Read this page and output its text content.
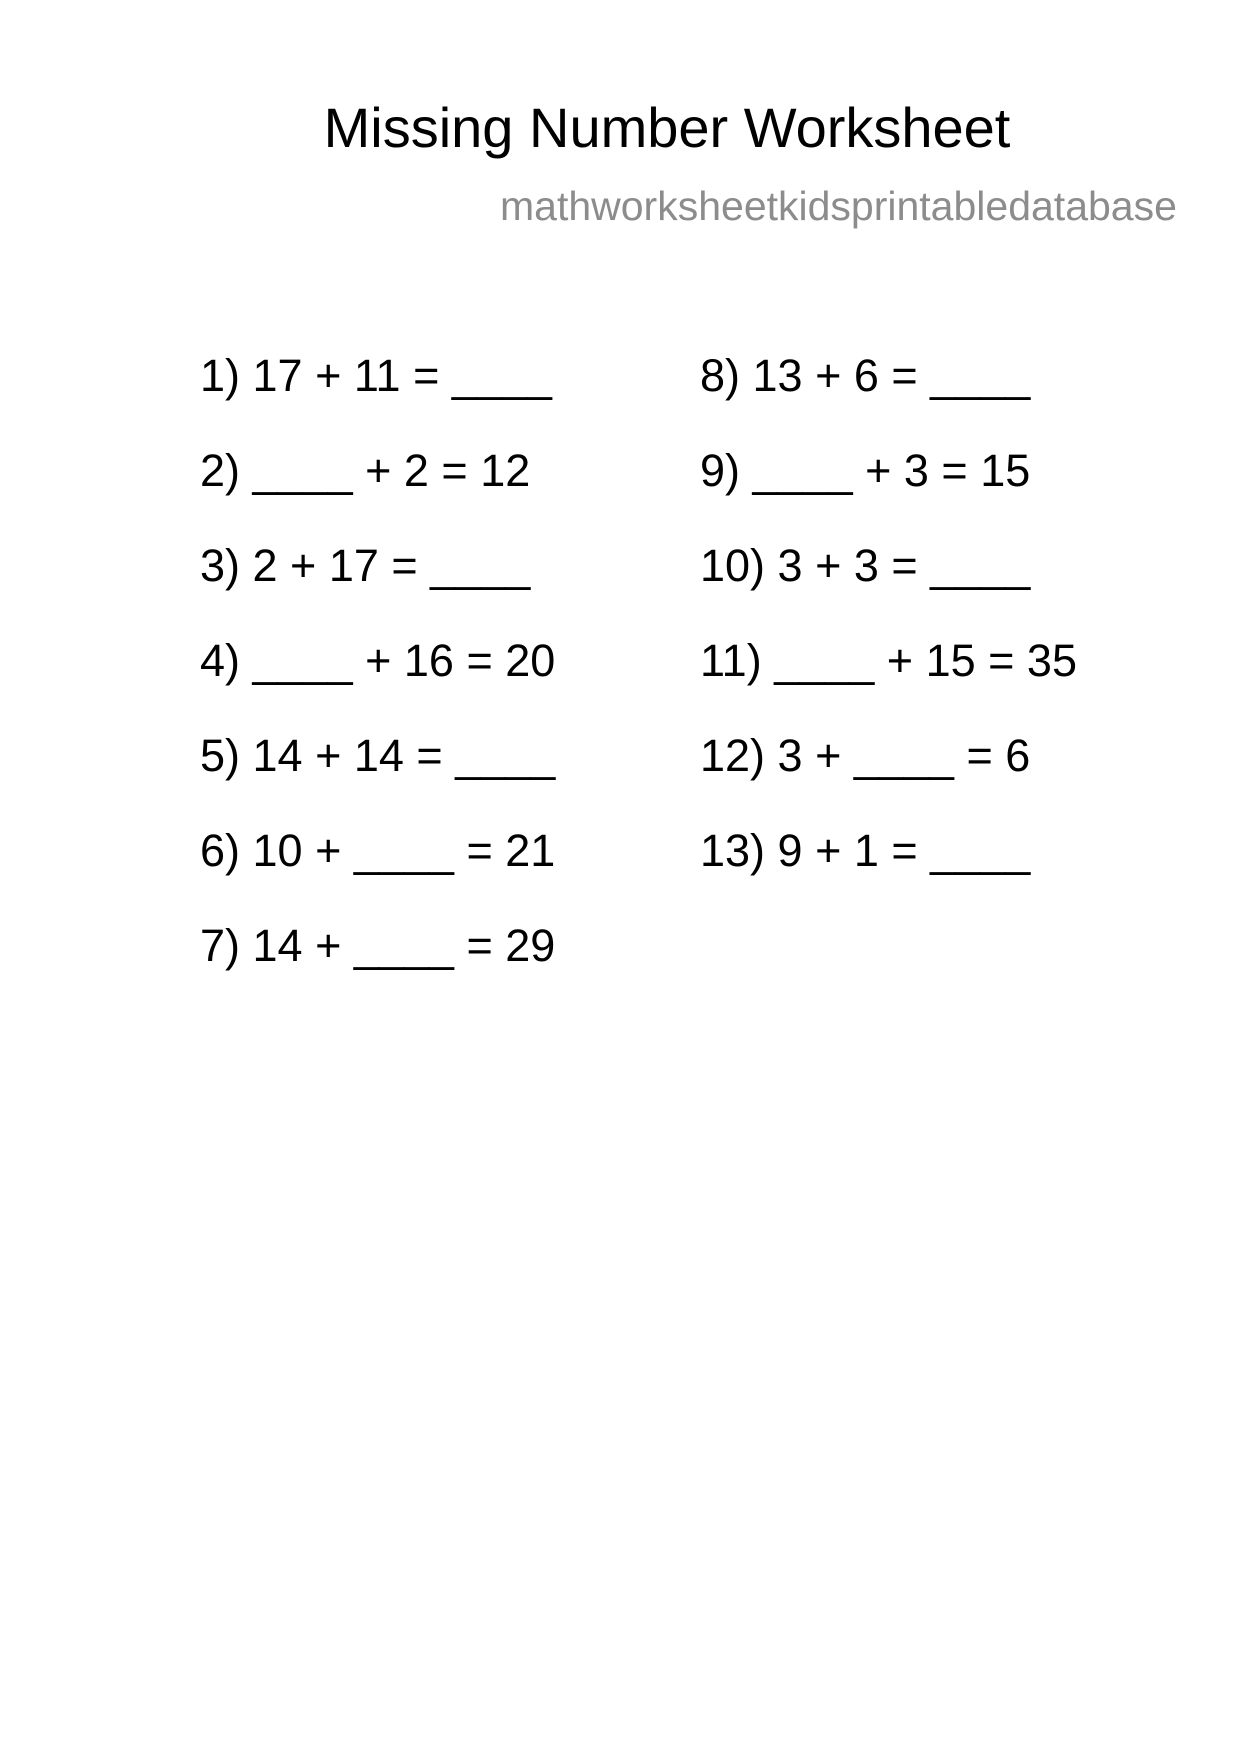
Missing Number Worksheet
mathworksheetkidsprintabledatabase
1) 17 + 11 = ____
2) ____ + 2 = 12
3) 2 + 17 = ____
4) ____ + 16 = 20
5) 14 + 14 = ____
6) 10 + ____ = 21
7) 14 + ____ = 29
8) 13 + 6 = ____
9) ____ + 3 = 15
10) 3 + 3 = ____
11) ____ + 15 = 35
12) 3 + ____ = 6
13) 9 + 1 = ____
